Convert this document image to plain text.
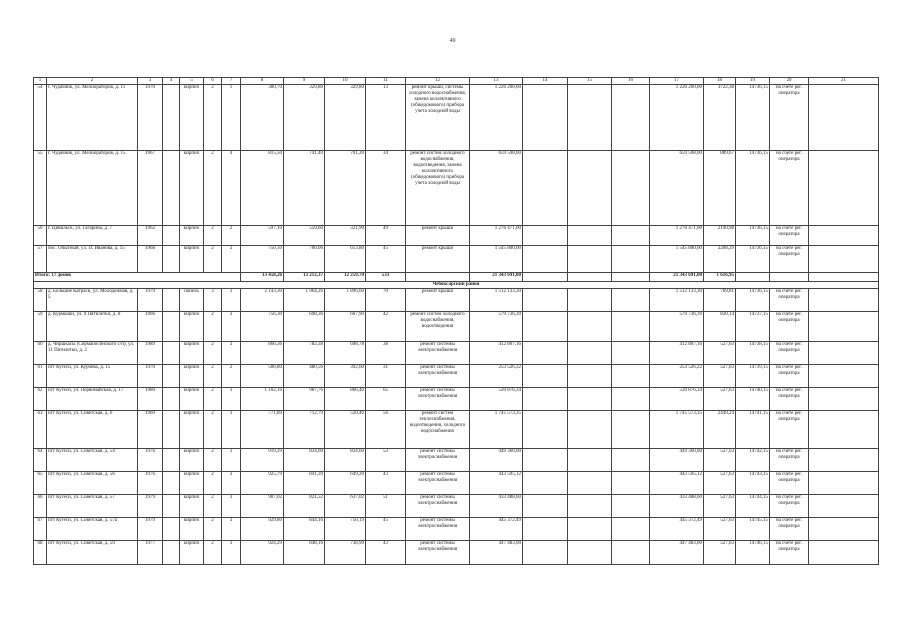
49
1	2	3	4	5	6	7	8	9	10	11	12	13	14	15	16	17	18	19	20	21
54	г. Чудачник, ул. Мелиораторов, д. 11	1970		кирпич	2	1	380,70	329,80	329,80	13	ремонт крыши, системы холодного водоснабжения, замена коллективного (общедомового) прибора учета холодной воды	1 226 200,00				1 226 200,00	3722,38	14736,15	на счете рег. оператора	
55	г. Чудачник, ул. Мелиораторов, д. 15	1967		кирпич	2	4	815,50	741,40	701,20	34	ремонт систем холодного водоснабжения, водоотведения, замена коллективного (общедомового) прибора учета холодной воды	659 598,00				659 598,00	889,67	14736,15	на счете рег. оператора	
56	г. Цивильск, ул. Гагарина, д. 7	1962		кирпич	2	2	597,10	559,60	321,90	49	ремонт крыши	1 276 471,00				1 276 471,00	2190,98	14736,15	на счете рег. оператора	
57	пос. Опытный, ул. П. Иванова, д. 15	1968		кирпич	2	2	750,10	700,06	613,80	45	ремонт крыши	1 545 800,00				1 545 800,00	2208,29	14736,15	на счете рег. оператора	
Итого: 17 домов							13 458,26	13 212,37	12 259,70	533		21 343 691,00				21 343 691,00	1 616,95			
Чебоксарский район																				
58	д. Большие Катраси, ул. Молодежная, д. 5	1979		панель	3	3	2 143,30	1 964,26	1 896,60	70	ремонт крыши	1 512 133,30				1 512 133,30	769,81	14736,15	на счете рег. оператора	
59	д. Курмыши, ул. 9 Пятилетки, д. 8	1966		кирпич	2	3	756,30	698,36	607,90	42	ремонт систем холодного водоснабжения, водоотведения	579 736,39				579 736,39	830,14	14737,15	на счете рег. оператора	
60	д. Чиршкасы (Сирмапосинского с/п), ул. 11 Пятилетки, д. 2	1989		кирпич	2	3	866,36	782,38	698,78	38	ремонт системы электроснабжения	412 807,16				412 807,16	527,63	14738,15	на счете рег. оператора	
61	пгт Кугеси, ул. Курчева, д. 15	1970		кирпич	2	2	506,80	480,56	392,60	31	ремонт системы электроснабжения	253 526,22				253 526,22	527,63	14739,15	на счете рег. оператора	
62	пгт Кугеси, ул. Первомайская, д. 17	1980		кирпич	2	3	1 102,16	987,76	866,40	65	ремонт системы электроснабжения	520 876,34				520 876,34	527,63	14740,15	на счете рег. оператора	
63	пгт Кугеси, ул. Советская, д. 6	1969		кирпич	2	3	771,89	712,79	520,40	56	ремонт систем теплоснабжения, водоотведения, холодного водоснабжения	1 745 573,35				1 745 573,35	2449,24	14741,15	на счете рег. оператора	
64	пгт Кугеси, ул. Советская, д. 54	1976		кирпич	2	3	919,29	834,60	834,60	53	ремонт системы электроснабжения	449 360,00				449 360,00	527,63	14742,15	на счете рег. оператора	
65	пгт Кугеси, ул. Советская, д. 56	1976		кирпич	2	3	925,79	841,39	649,20	43	ремонт системы электроснабжения	443 595,12				443 595,12	527,63	14743,15	на счете рег. оператора	
66	пгт Кугеси, ул. Советская, д. 57	1979		кирпич	2	3	907,02	821,52	637,02	51	ремонт системы электроснабжения	433 488,60				433 488,60	527,63	14744,15	на счете рег. оператора	
67	пгт Кугеси, ул. Советская, д. 57а	1979		кирпич	2	3	929,80	844,16	750,19	45	ремонт системы электроснабжения	445 372,49				445 372,49	527,63	14745,15	на счете рег. оператора	
68	пгт Кугеси, ул. Советская, д. 59	1977		кирпич	2	3	924,29	848,16	738,99	43	ремонт системы электроснабжения	447 483,00				447 483,00	527,63	14746,15	на счете рег. оператора	
